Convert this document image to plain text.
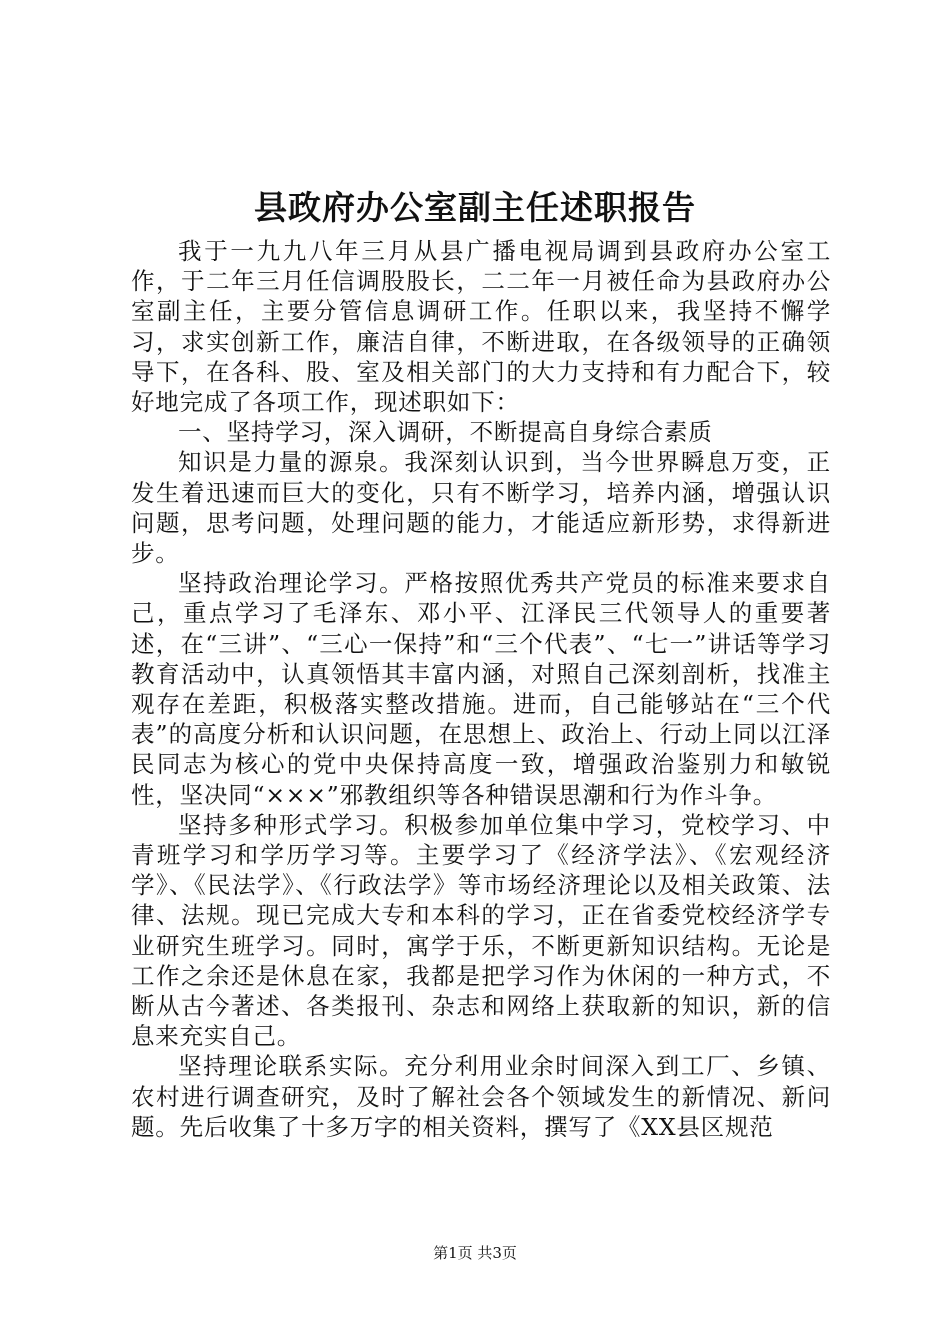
县政府办公室副主任述职报告

我于一九九八年三月从县广播电视局调到县政府办公室工作，于二年三月任信调股股长，二二年一月被任命为县政府办公室副主任，主要分管信息调研工作。任职以来，我坚持不懈学习，求实创新工作，廉洁自律，不断进取，在各级领导的正确领导下，在各科、股、室及相关部门的大力支持和有力配合下，较好地完成了各项工作，现述职如下：

一、坚持学习，深入调研，不断提高自身综合素质

知识是力量的源泉。我深刻认识到，当今世界瞬息万变，正发生着迅速而巨大的变化，只有不断学习，培养内涵，增强认识问题，思考问题，处理问题的能力，才能适应新形势，求得新进步。

坚持政治理论学习。严格按照优秀共产党员的标准来要求自己，重点学习了毛泽东、邓小平、江泽民三代领导人的重要著述，在“三讲”、“三心一保持”和“三个代表”、“七一”讲话等学习教育活动中，认真领悟其丰富内涵，对照自己深刻剖析，找准主观存在差距，积极落实整改措施。进而，自己能够站在“三个代表”的高度分析和认识问题，在思想上、政治上、行动上同以江泽民同志为核心的党中央保持高度一致，增强政治鉴别力和敏锐性，坚决同“×××”邪教组织等各种错误思潮和行为作斗争。

坚持多种形式学习。积极参加单位集中学习，党校学习、中青班学习和学历学习等。主要学习了《经济学法》、《宏观经济学》、《民法学》、《行政法学》等市场经济理论以及相关政策、法律、法规。现已完成大专和本科的学习，正在省委党校经济学专业研究生班学习。同时，寓学于乐，不断更新知识结构。无论是工作之余还是休息在家，我都是把学习作为休闲的一种方式，不断从古今著述、各类报刊、杂志和网络上获取新的知识，新的信息来充实自己。

坚持理论联系实际。充分利用业余时间深入到工厂、乡镇、农村进行调查研究，及时了解社会各个领域发生的新情况、新问题。先后收集了十多万字的相关资料，撰写了《XX县区规范

第1页 共3页
